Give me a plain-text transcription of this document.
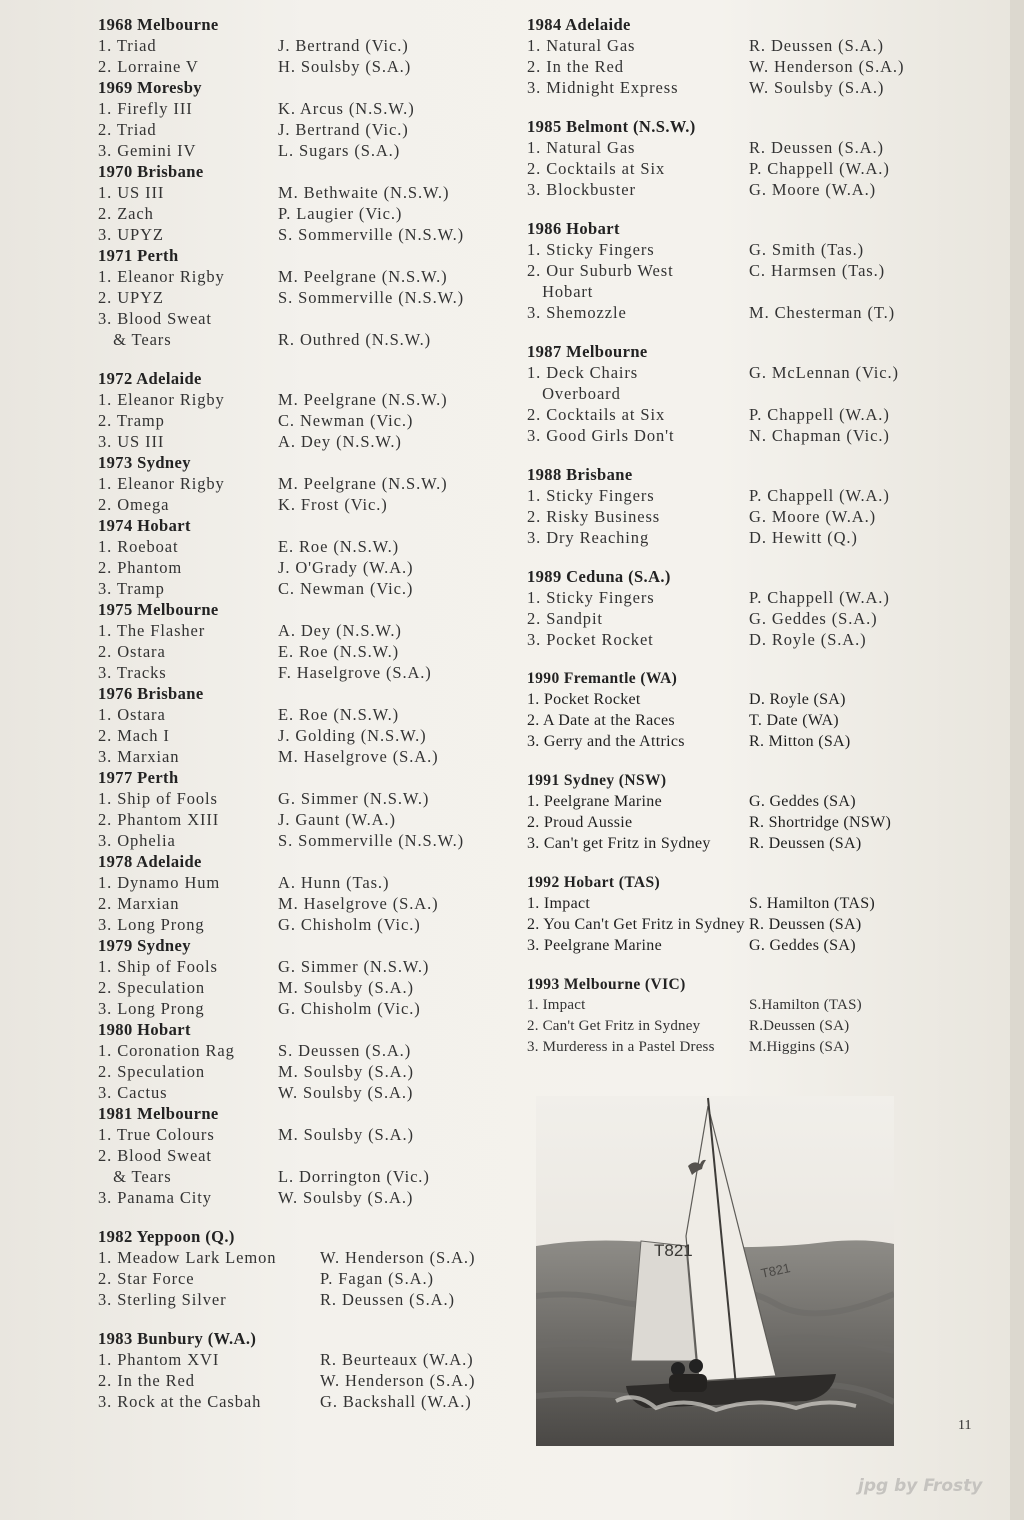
1968 Melbourne
1. Triad	J. Bertrand (Vic.)
2. Lorraine V	H. Soulsby (S.A.)
1969 Moresby
1. Firefly III	K. Arcus (N.S.W.)
2. Triad	J. Bertrand (Vic.)
3. Gemini IV	L. Sugars (S.A.)
1970 Brisbane
1. US III	M. Bethwaite (N.S.W.)
2. Zach	P. Laugier (Vic.)
3. UPYZ	S. Sommerville (N.S.W.)
1971 Perth
1. Eleanor Rigby	M. Peelgrane (N.S.W.)
2. UPYZ	S. Sommerville (N.S.W.)
3. Blood Sweat
& Tears	R. Outhred (N.S.W.)
1972 Adelaide
1. Eleanor Rigby	M. Peelgrane (N.S.W.)
2. Tramp	C. Newman (Vic.)
3. US III	A. Dey (N.S.W.)
1973 Sydney
1. Eleanor Rigby	M. Peelgrane (N.S.W.)
2. Omega	K. Frost (Vic.)
1974 Hobart
1. Roeboat	E. Roe (N.S.W.)
2. Phantom	J. O'Grady (W.A.)
3. Tramp	C. Newman (Vic.)
1975 Melbourne
1. The Flasher	A. Dey (N.S.W.)
2. Ostara	E. Roe (N.S.W.)
3. Tracks	F. Haselgrove (S.A.)
1976 Brisbane
1. Ostara	E. Roe (N.S.W.)
2. Mach I	J. Golding (N.S.W.)
3. Marxian	M. Haselgrove (S.A.)
1977 Perth
1. Ship of Fools	G. Simmer (N.S.W.)
2. Phantom XIII	J. Gaunt (W.A.)
3. Ophelia	S. Sommerville (N.S.W.)
1978 Adelaide
1. Dynamo Hum	A. Hunn (Tas.)
2. Marxian	M. Haselgrove (S.A.)
3. Long Prong	G. Chisholm (Vic.)
1979 Sydney
1. Ship of Fools	G. Simmer (N.S.W.)
2. Speculation	M. Soulsby (S.A.)
3. Long Prong	G. Chisholm (Vic.)
1980 Hobart
1. Coronation Rag	S. Deussen (S.A.)
2. Speculation	M. Soulsby (S.A.)
3. Cactus	W. Soulsby (S.A.)
1981 Melbourne
1. True Colours	M. Soulsby (S.A.)
2. Blood Sweat
& Tears	L. Dorrington (Vic.)
3. Panama City	W. Soulsby (S.A.)
1982 Yeppoon (Q.)
1. Meadow Lark Lemon	W. Henderson (S.A.)
2. Star Force	P. Fagan (S.A.)
3. Sterling Silver	R. Deussen (S.A.)
1983 Bunbury (W.A.)
1. Phantom XVI	R. Beurteaux (W.A.)
2. In the Red	W. Henderson (S.A.)
3. Rock at the Casbah	G. Backshall (W.A.)
1984 Adelaide
1. Natural Gas	R. Deussen (S.A.)
2. In the Red	W. Henderson (S.A.)
3. Midnight Express	W. Soulsby (S.A.)
1985 Belmont (N.S.W.)
1. Natural Gas	R. Deussen (S.A.)
2. Cocktails at Six	P. Chappell (W.A.)
3. Blockbuster	G. Moore (W.A.)
1986 Hobart
1. Sticky Fingers	G. Smith (Tas.)
2. Our Suburb West	C. Harmsen (Tas.)
Hobart
3. Shemozzle	M. Chesterman (T.)
1987 Melbourne
1. Deck Chairs	G. McLennan (Vic.)
Overboard
2. Cocktails at Six	P. Chappell (W.A.)
3. Good Girls Don't	N. Chapman (Vic.)
1988 Brisbane
1. Sticky Fingers	P. Chappell (W.A.)
2. Risky Business	G. Moore (W.A.)
3. Dry Reaching	D. Hewitt (Q.)
1989 Ceduna (S.A.)
1. Sticky Fingers	P. Chappell (W.A.)
2. Sandpit	G. Geddes (S.A.)
3. Pocket Rocket	D. Royle (S.A.)
1990 Fremantle (WA)
1. Pocket Rocket	D. Royle (SA)
2. A Date at the Races	T. Date (WA)
3. Gerry and the Attrics	R. Mitton (SA)
1991 Sydney (NSW)
1. Peelgrane Marine	G. Geddes (SA)
2. Proud Aussie	R. Shortridge (NSW)
3. Can't get Fritz in Sydney	R. Deussen (SA)
1992 Hobart (TAS)
1. Impact	S. Hamilton (TAS)
2. You Can't Get Fritz in Sydney R. Deussen (SA)
3. Peelgrane Marine	G. Geddes (SA)
1993 Melbourne (VIC)
1. Impact	S.Hamilton (TAS)
2. Can't Get Fritz in Sydney	R.Deussen (SA)
3. Murderess in a Pastel Dress	M.Higgins (SA)
T821
T821
11
jpg by Frosty
